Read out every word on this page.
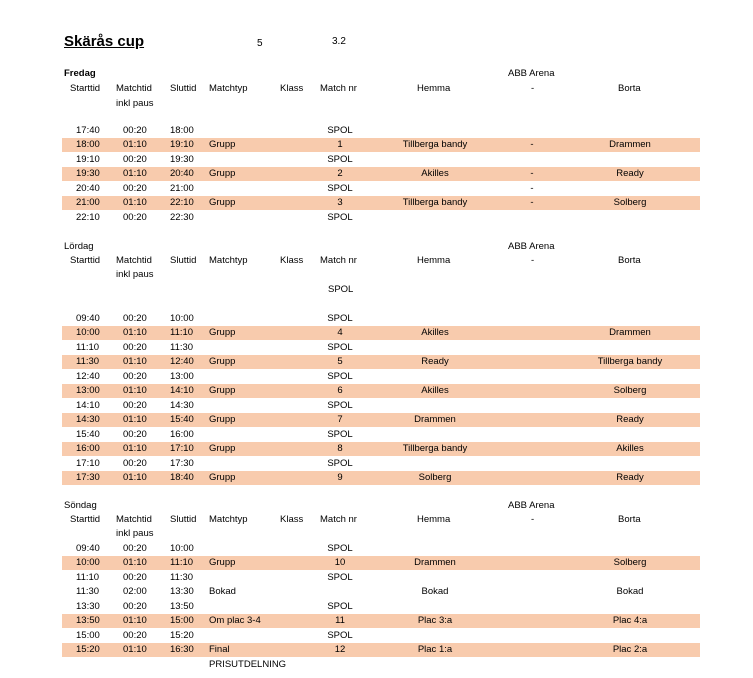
Skärås cup	5	3.2
Fredag	ABB Arena
Starttid Matchtid Sluttid Matchtyp	Klass Match nr	Hemma	-	Borta
inkl paus
17:40 00:20 18:00	SPOL
18:00 01:10 19:10 Grupp	1	Tillberga bandy	-	Drammen
19:10 00:20 19:30	SPOL
19:30 01:10 20:40 Grupp	2	Akilles	-	Ready
20:40 00:20 21:00	SPOL	-
21:00 01:10 22:10 Grupp	3	Tillberga bandy	-	Solberg
22:10 00:20 22:30	SPOL
Lördag	ABB Arena
Starttid Matchtid Sluttid Matchtyp	Klass Match nr	Hemma	-	Borta
inkl paus
SPOL
09:40 00:20 10:00	SPOL
10:00 01:10 11:10 Grupp	4	Akilles	Drammen
11:10	00:20 11:30	SPOL
11:30	01:10 12:40 Grupp	5	Ready	Tillberga bandy
12:40 00:20 13:00	SPOL
13:00 01:10 14:10 Grupp	6	Akilles	Solberg
14:10 00:20 14:30	SPOL
14:30 01:10 15:40 Grupp	7	Drammen	Ready
15:40 00:20 16:00	SPOL
16:00 01:10 17:10 Grupp	8	Tillberga bandy	Akilles
17:10 00:20 17:30	SPOL
17:30 01:10 18:40 Grupp	9	Solberg	Ready
Söndag	ABB Arena
Starttid Matchtid Sluttid Matchtyp	Klass Match nr	Hemma	-	Borta
inkl paus
09:40 00:20 10:00	SPOL
10:00 01:10 11:10 Grupp	10	Drammen	Solberg
11:10	00:20 11:30	SPOL
11:30	02:00 13:30 Bokad	Bokad	Bokad
13:30 00:20 13:50	SPOL
13:50 01:10 15:00 Om plac 3-4	11	Plac 3:a	Plac 4:a
15:00 00:20 15:20	SPOL
15:20 01:10 16:30 Final	12	Plac 1:a	Plac 2:a
PRISUTDELNING
